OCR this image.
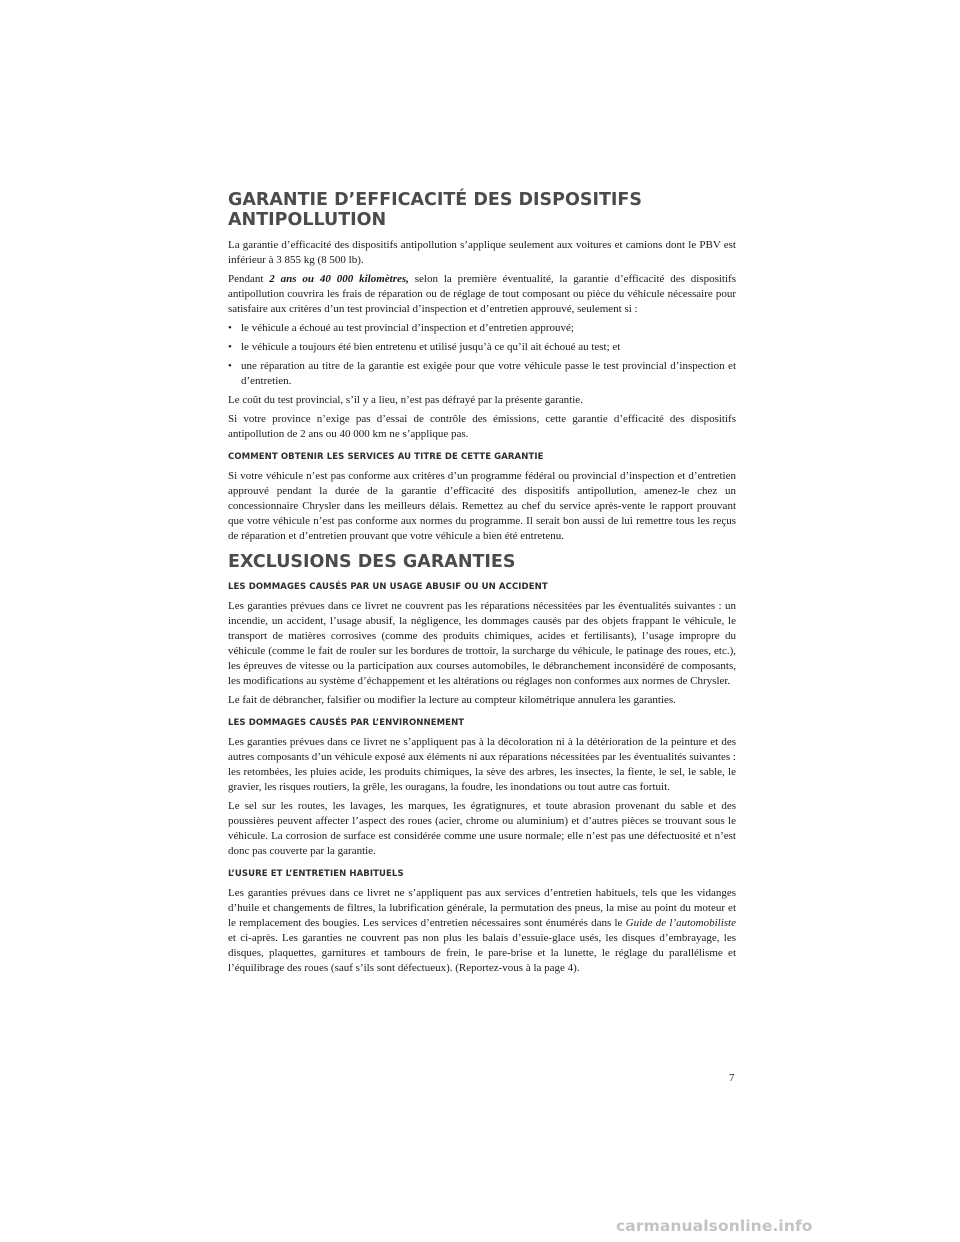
GARANTIE D’EFFICACITÉ DES DISPOSITIFS
ANTIPOLLUTION

La garantie d’efficacité des dispositifs antipollution s’applique seulement aux voitures et camions dont le PBV est inférieur à 3 855 kg (8 500 lb).

Pendant 2 ans ou 40 000 kilomètres, selon la première éventualité, la garantie d’efficacité des dispositifs antipollution couvrira les frais de réparation ou de réglage de tout composant ou pièce du véhicule nécessaire pour satisfaire aux critères d’un test provincial d’inspection et d’entretien approuvé, seulement si :

• le véhicule a échoué au test provincial d’inspection et d’entretien approuvé;
• le véhicule a toujours été bien entretenu et utilisé jusqu’à ce qu’il ait échoué au test; et
• une réparation au titre de la garantie est exigée pour que votre véhicule passe le test provincial d’inspection et d’entretien.

Le coût du test provincial, s’il y a lieu, n’est pas défrayé par la présente garantie.

Si votre province n’exige pas d’essai de contrôle des émissions, cette garantie d’efficacité des dispositifs antipollution de 2 ans ou 40 000 km ne s’applique pas.

COMMENT OBTENIR LES SERVICES AU TITRE DE CETTE GARANTIE

Si votre véhicule n’est pas conforme aux critères d’un programme fédéral ou provincial d’inspection et d’entretien approuvé pendant la durée de la garantie d’efficacité des dispositifs antipollution, amenez-le chez un concessionnaire Chrysler dans les meilleurs délais. Remettez au chef du service après-vente le rapport prouvant que votre véhicule n’est pas conforme aux normes du programme. Il serait bon aussi de lui remettre tous les reçus de réparation et d’entretien prouvant que votre véhicule a bien été entretenu.

EXCLUSIONS DES GARANTIES
LES DOMMAGES CAUSÉS PAR UN USAGE ABUSIF OU UN ACCIDENT

Les garanties prévues dans ce livret ne couvrent pas les réparations nécessitées par les éventualités suivantes : un incendie, un accident, l’usage abusif, la négligence, les dommages causés par des objets frappant le véhicule, le transport de matières corrosives (comme des produits chimiques, acides et fertilisants), l’usage impropre du véhicule (comme le fait de rouler sur les bordures de trottoir, la surcharge du véhicule, le patinage des roues, etc.), les épreuves de vitesse ou la participation aux courses automobiles, le débranchement inconsidéré de composants, les modifications au système d’échappement et les altérations ou réglages non conformes aux normes de Chrysler.

Le fait de débrancher, falsifier ou modifier la lecture au compteur kilométrique annulera les garanties.

LES DOMMAGES CAUSÉS PAR L’ENVIRONNEMENT

Les garanties prévues dans ce livret ne s’appliquent pas à la décoloration ni à la détérioration de la peinture et des autres composants d’un véhicule exposé aux éléments ni aux réparations nécessitées par les éventualités suivantes : les retombées, les pluies acide, les produits chimiques, la sève des arbres, les insectes, la fiente, le sel, le sable, le gravier, les risques routiers, la grêle, les ouragans, la foudre, les inondations ou tout autre cas fortuit.

Le sel sur les routes, les lavages, les marques, les égratignures, et toute abrasion provenant du sable et des poussières peuvent affecter l’aspect des roues (acier, chrome ou aluminium) et d’autres pièces se trouvant sous le véhicule. La corrosion de surface est considérée comme une usure normale; elle n’est pas une défectuosité et n’est donc pas couverte par la garantie.

L’USURE ET L’ENTRETIEN HABITUELS

Les garanties prévues dans ce livret ne s’appliquent pas aux services d’entretien habituels, tels que les vidanges d’huile et changements de filtres, la lubrification générale, la permutation des pneus, la mise au point du moteur et le remplacement des bougies. Les services d’entretien nécessaires sont énumérés dans le Guide de l’automobiliste et ci-après. Les garanties ne couvrent pas non plus les balais d’essuie-glace usés, les disques d’embrayage, les disques, plaquettes, garnitures et tambours de frein, le pare-brise et la lunette, le réglage du parallélisme et l’équilibrage des roues (sauf s’ils sont défectueux). (Reportez-vous à la page 4).

7
carmanualsonline.info
